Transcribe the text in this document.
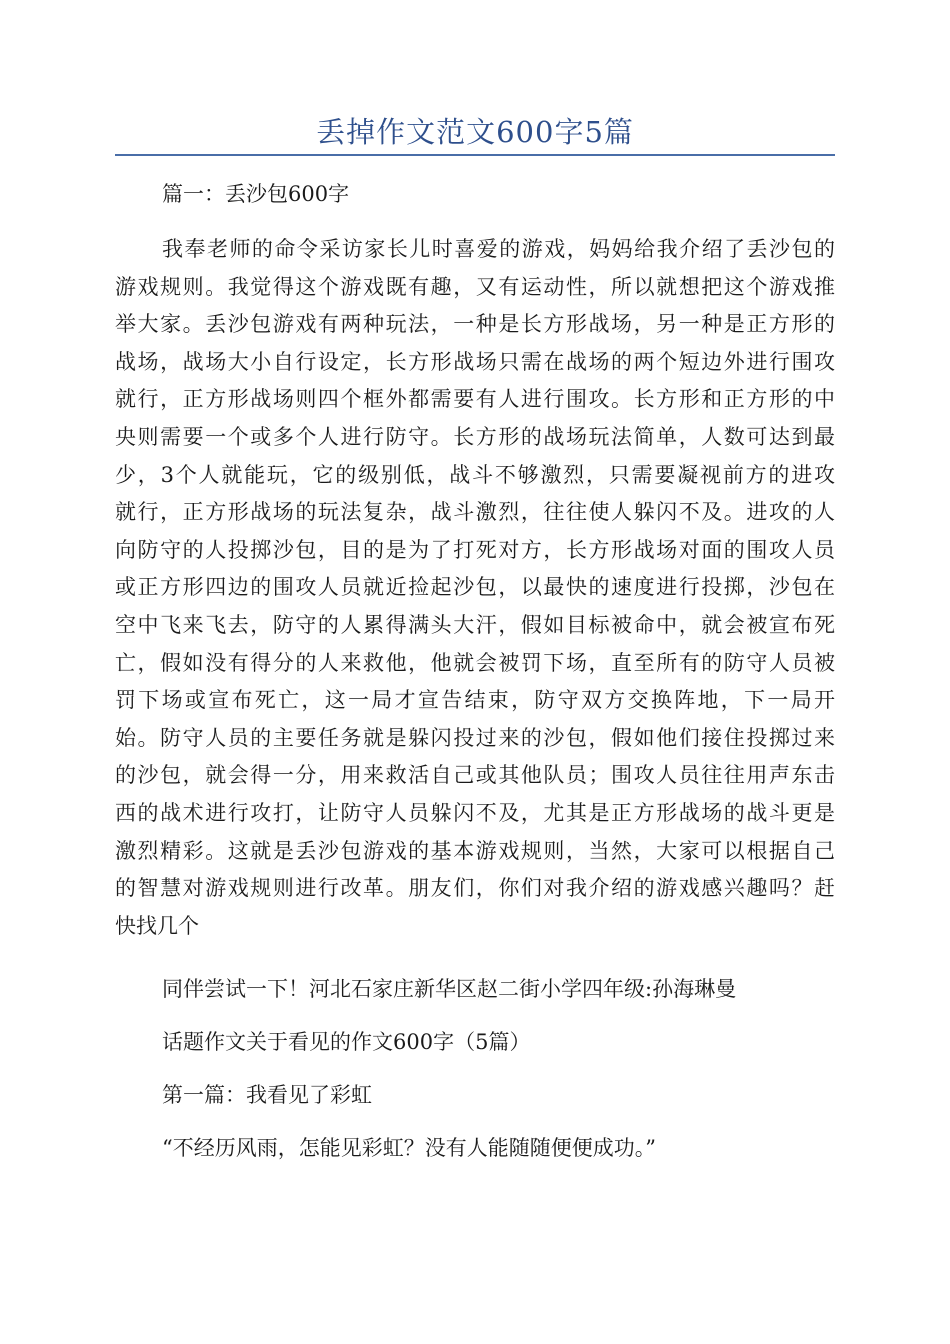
丢掉作文范文600字5篇

篇一：丢沙包600字

我奉老师的命令采访家长儿时喜爱的游戏，妈妈给我介绍了丢沙包的
游戏规则。我觉得这个游戏既有趣，又有运动性，所以就想把这个游戏推
举大家。丢沙包游戏有两种玩法，一种是长方形战场，另一种是正方形的
战场，战场大小自行设定，长方形战场只需在战场的两个短边外进行围攻
就行，正方形战场则四个框外都需要有人进行围攻。长方形和正方形的中
央则需要一个或多个人进行防守。长方形的战场玩法简单，人数可达到最
少，3个人就能玩，它的级别低，战斗不够激烈，只需要凝视前方的进攻
就行，正方形战场的玩法复杂，战斗激烈，往往使人躲闪不及。进攻的人
向防守的人投掷沙包，目的是为了打死对方，长方形战场对面的围攻人员
或正方形四边的围攻人员就近捡起沙包，以最快的速度进行投掷，沙包在
空中飞来飞去，防守的人累得满头大汗，假如目标被命中，就会被宣布死
亡，假如没有得分的人来救他，他就会被罚下场，直至所有的防守人员被
罚下场或宣布死亡，这一局才宣告结束，防守双方交换阵地，下一局开
始。防守人员的主要任务就是躲闪投过来的沙包，假如他们接住投掷过来
的沙包，就会得一分，用来救活自己或其他队员；围攻人员往往用声东击
西的战术进行攻打，让防守人员躲闪不及，尤其是正方形战场的战斗更是
激烈精彩。这就是丢沙包游戏的基本游戏规则，当然，大家可以根据自己
的智慧对游戏规则进行改革。朋友们，你们对我介绍的游戏感兴趣吗？赶
快找几个

同伴尝试一下！河北石家庄新华区赵二街小学四年级:孙海琳曼

话题作文关于看见的作文600字（5篇）

第一篇：我看见了彩虹

“不经历风雨，怎能见彩虹？没有人能随随便便成功。”
